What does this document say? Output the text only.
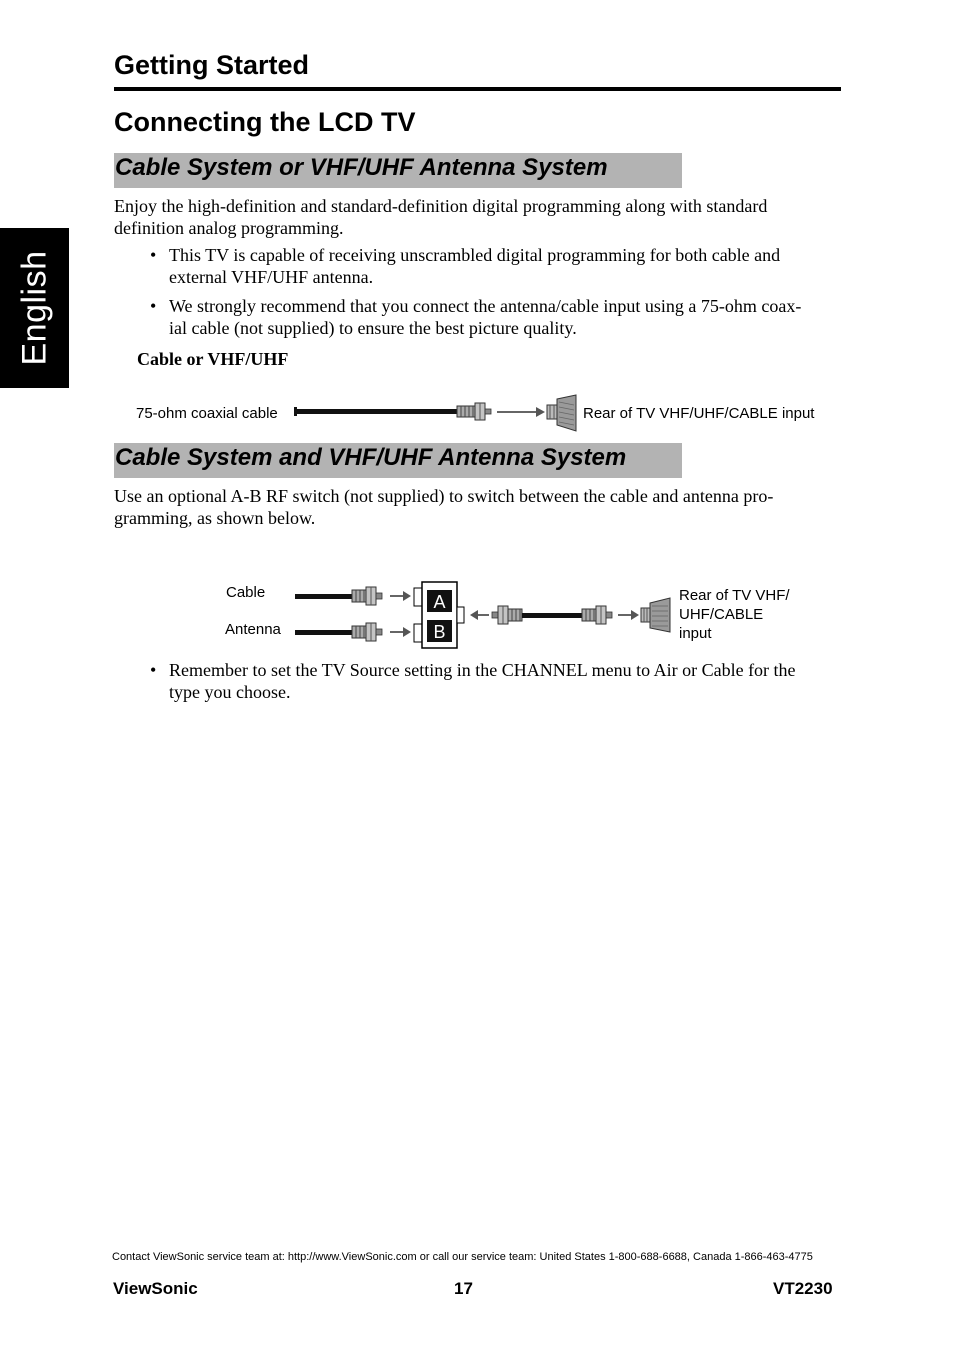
English
Getting Started
Connecting the LCD TV
Cable System or VHF/UHF Antenna System
Enjoy the high-definition and standard-definition digital programming along with standard
definition analog programming.
• This TV is capable of receiving unscrambled digital programming for both cable and
external VHF/UHF antenna.
• We strongly recommend that you connect the antenna/cable input using a 75-ohm coax-
ial cable (not supplied) to ensure the best picture quality.
Cable or VHF/UHF
75-ohm coaxial cable	Rear of TV VHF/UHF/CABLE input
Cable System and VHF/UHF Antenna System
Use an optional A-B RF switch (not supplied) to switch between the cable and antenna pro-
gramming, as shown below.
Cable
Antenna
Rear of TV VHF/
UHF/CABLE
input
A
B
• Remember to set the TV Source setting in the CHANNEL menu to Air or Cable for the
type you choose.
Contact ViewSonic service team at: http://www.ViewSonic.com or call our service team: United States 1-800-688-6688, Canada 1-866-463-4775
ViewSonic	17	VT2230
